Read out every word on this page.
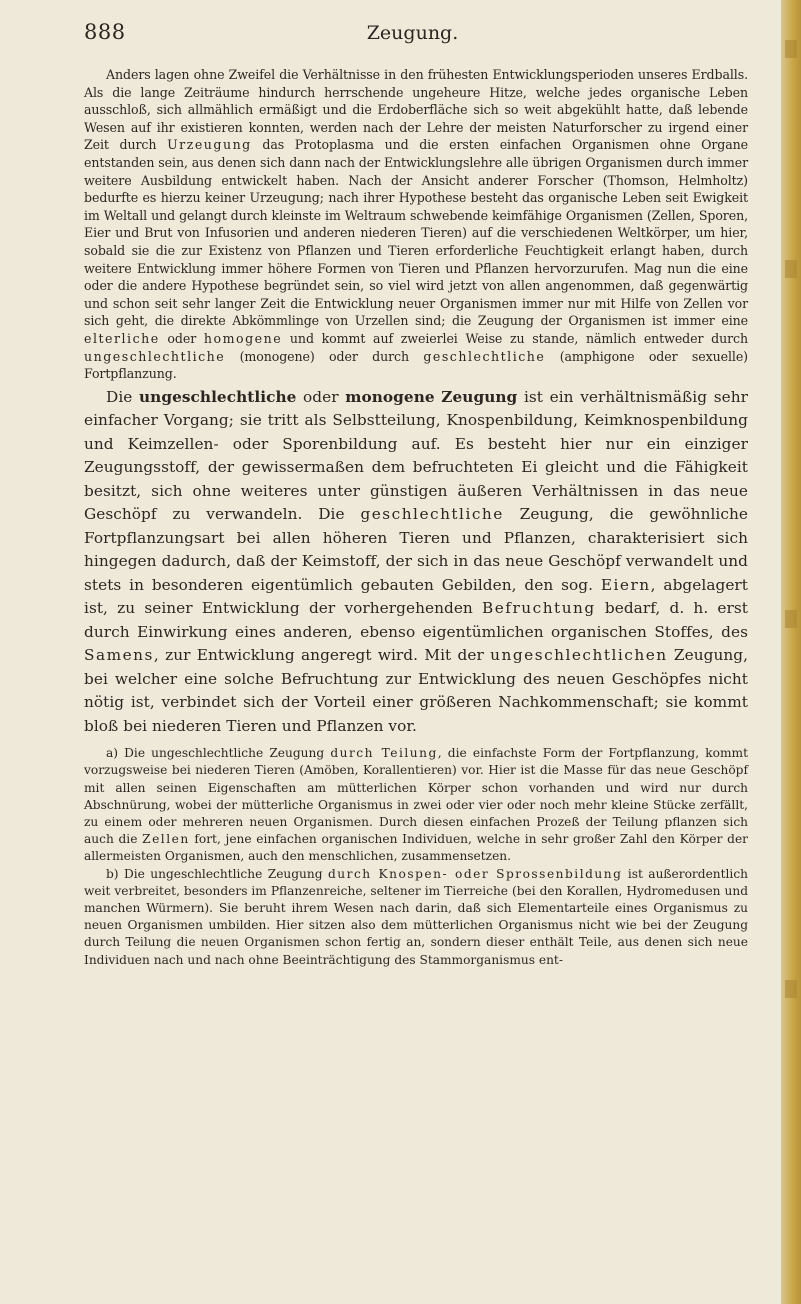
888	Zeugung.

Anders lagen ohne Zweifel die Verhältnisse in den frühesten Entwicklungsperioden unseres Erdballs. Als die lange Zeiträume hindurch herrschende ungeheure Hitze, welche jedes organische Leben ausschloß, sich allmählich ermäßigt und die Erdoberfläche sich so weit abgekühlt hatte, daß lebende Wesen auf ihr existieren konnten, werden nach der Lehre der meisten Naturforscher zu irgend einer Zeit durch Urzeugung das Protoplasma und die ersten einfachen Organismen ohne Organe entstanden sein, aus denen sich dann nach der Entwicklungslehre alle übrigen Organismen durch immer weitere Ausbildung entwickelt haben. Nach der Ansicht anderer Forscher (Thomson, Helmholtz) bedurfte es hierzu keiner Urzeugung; nach ihrer Hypothese besteht das organische Leben seit Ewigkeit im Weltall und gelangt durch kleinste im Weltraum schwebende keimfähige Organismen (Zellen, Sporen, Eier und Brut von Infusorien und anderen niederen Tieren) auf die verschiedenen Weltkörper, um hier, sobald sie die zur Existenz von Pflanzen und Tieren erforderliche Feuchtigkeit erlangt haben, durch weitere Entwicklung immer höhere Formen von Tieren und Pflanzen hervorzurufen. Mag nun die eine oder die andere Hypothese begründet sein, so viel wird jetzt von allen angenommen, daß gegenwärtig und schon seit sehr langer Zeit die Entwicklung neuer Organismen immer nur mit Hilfe von Zellen vor sich geht, die direkte Abkömmlinge von Urzellen sind; die Zeugung der Organismen ist immer eine elterliche oder homogene und kommt auf zweierlei Weise zu stande, nämlich entweder durch ungeschlechtliche (monogene) oder durch geschlechtliche (amphigone oder sexuelle) Fortpflanzung.

Die ungeschlechtliche oder monogene Zeugung ist ein verhältnismäßig sehr einfacher Vorgang; sie tritt als Selbstteilung, Knospenbildung, Keimknospenbildung und Keimzellen- oder Sporenbildung auf. Es besteht hier nur ein einziger Zeugungsstoff, der gewissermaßen dem befruchteten Ei gleicht und die Fähigkeit besitzt, sich ohne weiteres unter günstigen äußeren Verhältnissen in das neue Geschöpf zu verwandeln. Die geschlechtliche Zeugung, die gewöhnliche Fortpflanzungsart bei allen höheren Tieren und Pflanzen, charakterisiert sich hingegen dadurch, daß der Keimstoff, der sich in das neue Geschöpf verwandelt und stets in besonderen eigentümlich gebauten Gebilden, den sog. Eiern, abgelagert ist, zu seiner Entwicklung der vorhergehenden Befruchtung bedarf, d. h. erst durch Einwirkung eines anderen, ebenso eigentümlichen organischen Stoffes, des Samens, zur Entwicklung angeregt wird. Mit der ungeschlechtlichen Zeugung, bei welcher eine solche Befruchtung zur Entwicklung des neuen Geschöpfes nicht nötig ist, verbindet sich der Vorteil einer größeren Nachkommenschaft; sie kommt bloß bei niederen Tieren und Pflanzen vor.

a) Die ungeschlechtliche Zeugung durch Teilung, die einfachste Form der Fortpflanzung, kommt vorzugsweise bei niederen Tieren (Amöben, Korallentieren) vor. Hier ist die Masse für das neue Geschöpf mit allen seinen Eigenschaften am mütterlichen Körper schon vorhanden und wird nur durch Abschnürung, wobei der mütterliche Organismus in zwei oder vier oder noch mehr kleine Stücke zerfällt, zu einem oder mehreren neuen Organismen. Durch diesen einfachen Prozeß der Teilung pflanzen sich auch die Zellen fort, jene einfachen organischen Individuen, welche in sehr großer Zahl den Körper der allermeisten Organismen, auch den menschlichen, zusammensetzen.

b) Die ungeschlechtliche Zeugung durch Knospen- oder Sprossenbildung ist außerordentlich weit verbreitet, besonders im Pflanzenreiche, seltener im Tierreiche (bei den Korallen, Hydromedusen und manchen Würmern). Sie beruht ihrem Wesen nach darin, daß sich Elementarteile eines Organismus zu neuen Organismen umbilden. Hier sitzen also dem mütterlichen Organismus nicht wie bei der Zeugung durch Teilung die neuen Organismen schon fertig an, sondern dieser enthält Teile, aus denen sich neue Individuen nach und nach ohne Beeinträchtigung des Stammorganismus ent-
